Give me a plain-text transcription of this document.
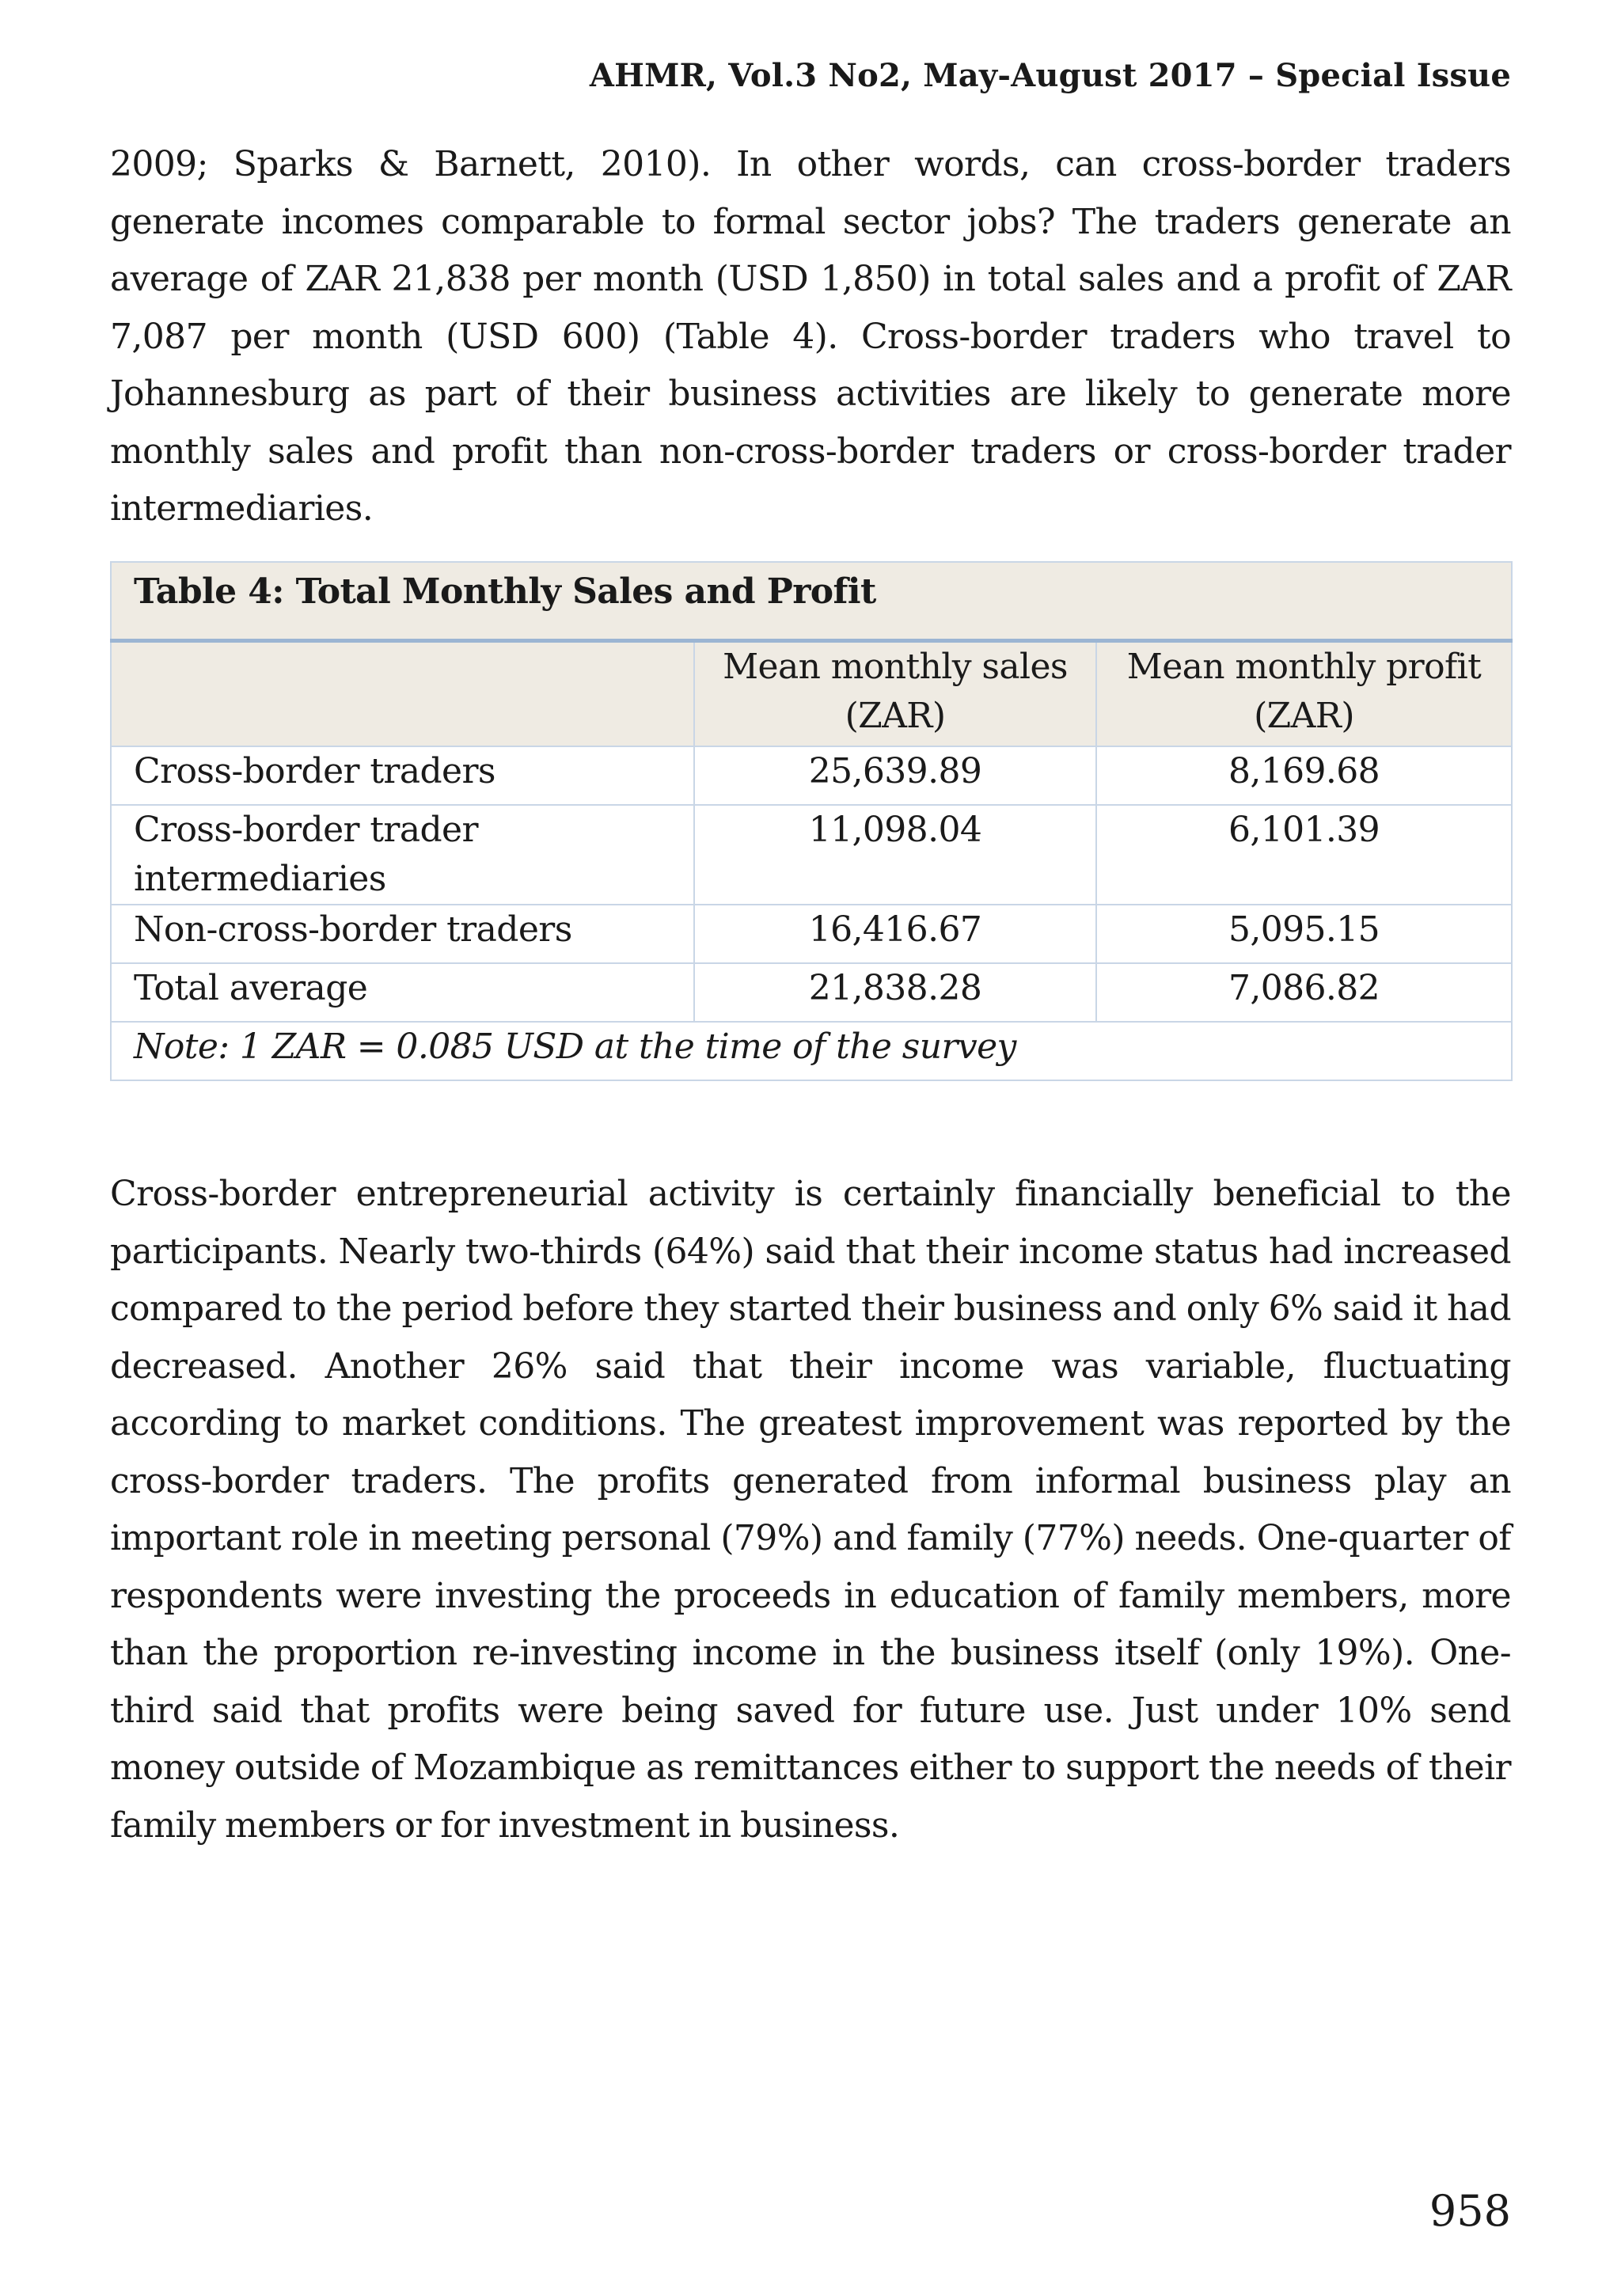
AHMR, Vol.3 No2, May-August 2017 – Special Issue

2009; Sparks & Barnett, 2010). In other words, can cross-border traders generate incomes comparable to formal sector jobs? The traders generate an average of ZAR 21,838 per month (USD 1,850) in total sales and a profit of ZAR 7,087 per month (USD 600) (Table 4). Cross-border traders who travel to Johannesburg as part of their business activities are likely to generate more monthly sales and profit than non-cross-border traders or cross-border trader intermediaries.

Table 4: Total Monthly Sales and Profit		
	Mean monthly sales (ZAR)	Mean monthly profit (ZAR)
Cross-border traders	25,639.89	8,169.68
Cross-border trader intermediaries	11,098.04	6,101.39
Non-cross-border traders	16,416.67	5,095.15
Total average	21,838.28	7,086.82
Note: 1 ZAR = 0.085 USD at the time of the survey		

Cross-border entrepreneurial activity is certainly financially beneficial to the participants. Nearly two-thirds (64%) said that their income status had increased compared to the period before they started their business and only 6% said it had decreased. Another 26% said that their income was variable, fluctuating according to market conditions. The greatest improvement was reported by the cross-border traders. The profits generated from informal business play an important role in meeting personal (79%) and family (77%) needs. One-quarter of respondents were investing the proceeds in education of family members, more than the proportion re-investing income in the business itself (only 19%). One-third said that profits were being saved for future use. Just under 10% send money outside of Mozambique as remittances either to support the needs of their family members or for investment in business.

958
